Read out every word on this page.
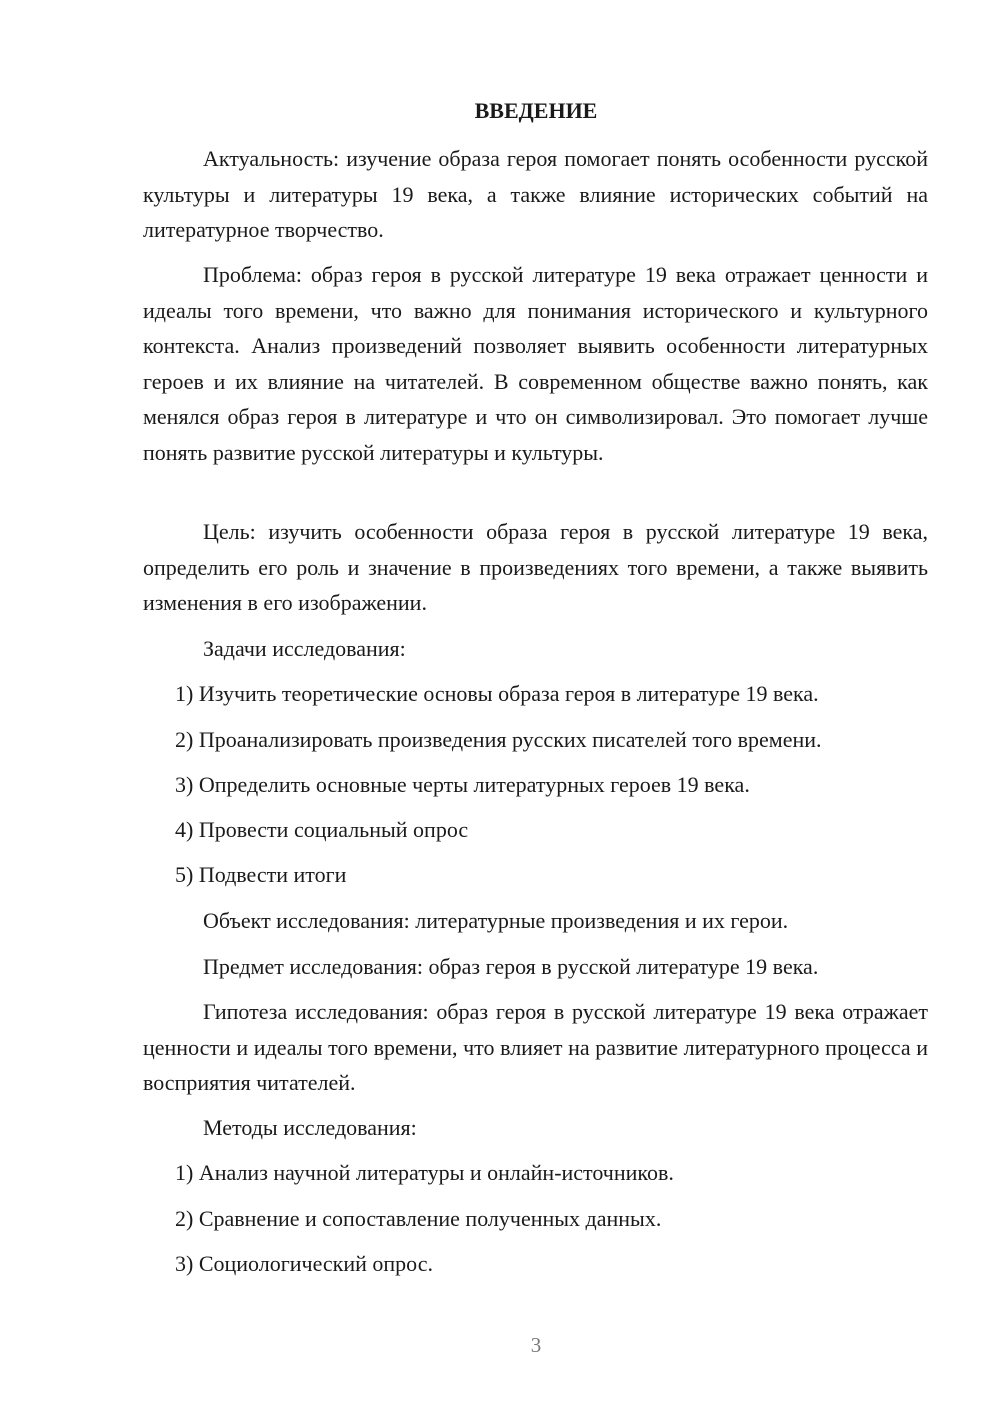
ВВЕДЕНИЕ

Актуальность: изучение образа героя помогает понять особенности русской культуры и литературы 19 века, а также влияние исторических событий на литературное творчество.

Проблема: образ героя в русской литературе 19 века отражает ценности и идеалы того времени, что важно для понимания исторического и культурного контекста. Анализ произведений позволяет выявить особенности литературных героев и их влияние на читателей. В современном обществе важно понять, как менялся образ героя в литературе и что он символизировал. Это помогает лучше понять развитие русской литературы и культуры.

Цель: изучить особенности образа героя в русской литературе 19 века, определить его роль и значение в произведениях того времени, а также выявить изменения в его изображении.

Задачи исследования:

1) Изучить теоретические основы образа героя в литературе 19 века.

2) Проанализировать произведения русских писателей того времени.

3) Определить основные черты литературных героев 19 века.

4) Провести социальный опрос

5) Подвести итоги

Объект исследования: литературные произведения и их герои.

Предмет исследования: образ героя в русской литературе 19 века.

Гипотеза исследования: образ героя в русской литературе 19 века отражает ценности и идеалы того времени, что влияет на развитие литературного процесса и восприятия читателей.

Методы исследования:

1) Анализ научной литературы и онлайн-источников.

2) Сравнение и сопоставление полученных данных.

3) Социологический опрос.

3
